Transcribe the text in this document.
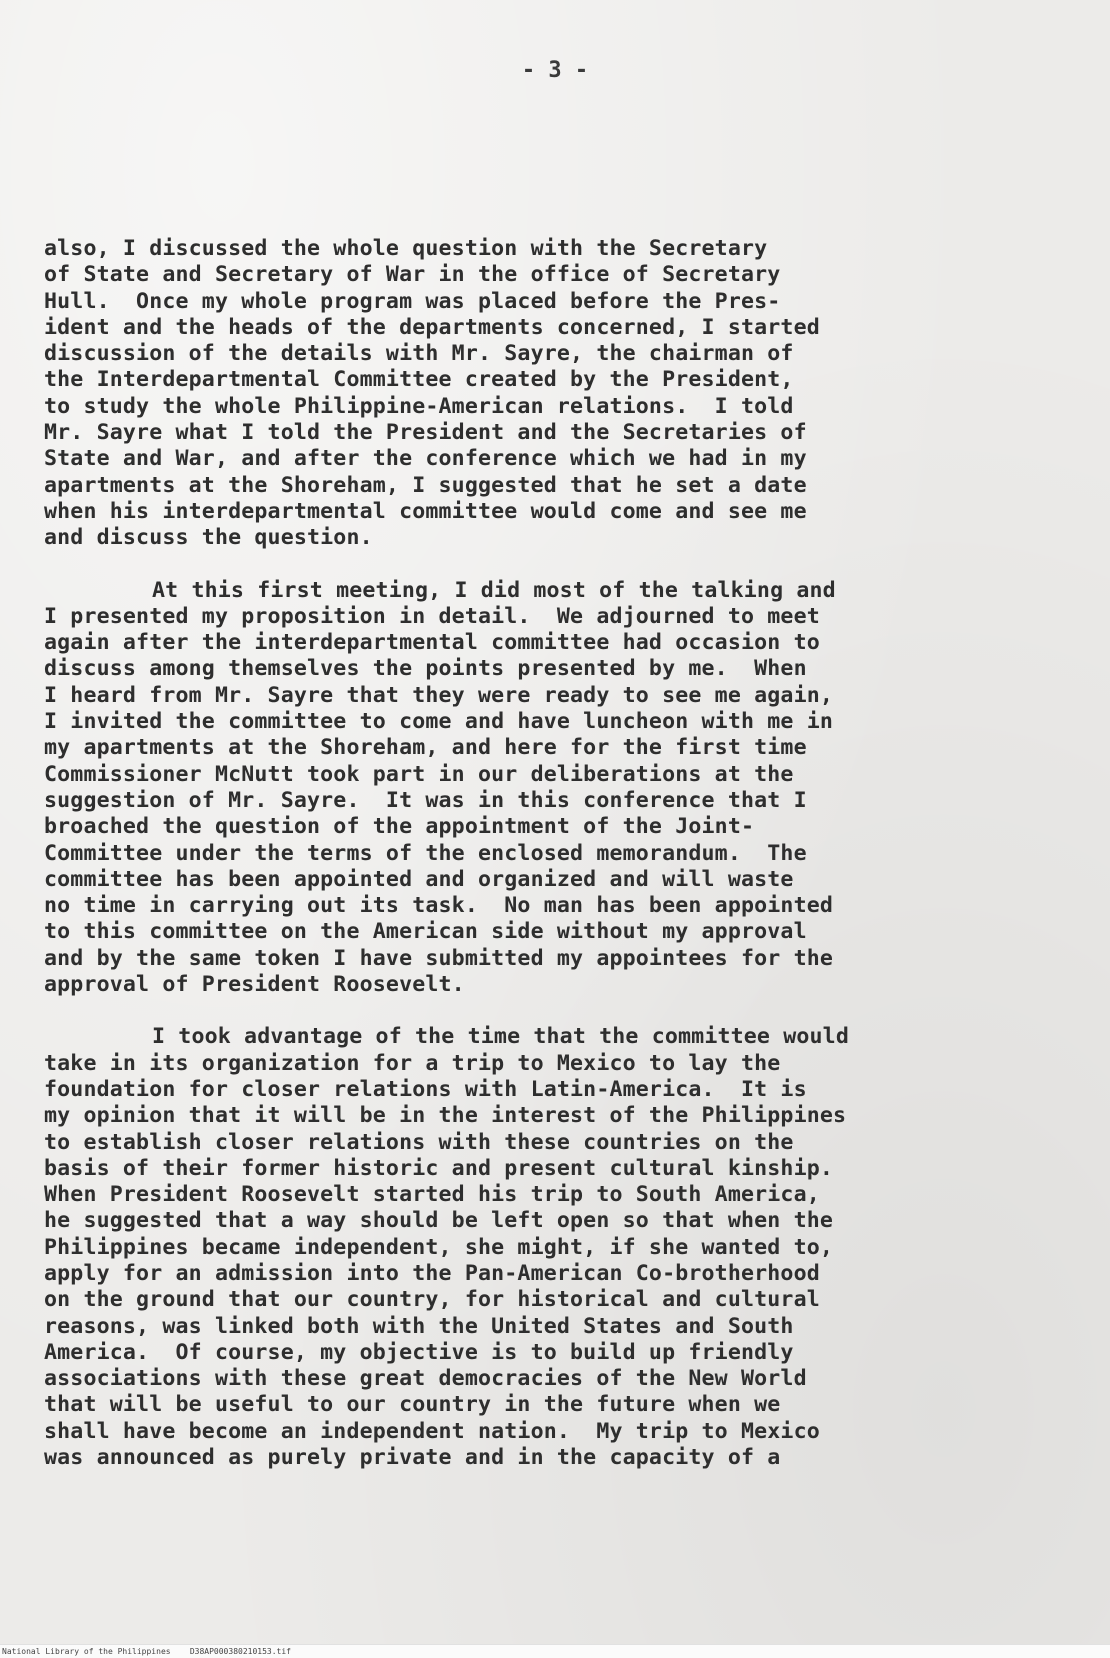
- 3 -
also, I discussed the whole question with the Secretary
of State and Secretary of War in the office of Secretary
Hull.  Once my whole program was placed before the Pres-
ident and the heads of the departments concerned, I started
discussion of the details with Mr. Sayre, the chairman of
the Interdepartmental Committee created by the President,
to study the whole Philippine-American relations.  I told
Mr. Sayre what I told the President and the Secretaries of
State and War, and after the conference which we had in my
apartments at the Shoreham, I suggested that he set a date
when his interdepartmental committee would come and see me
and discuss the question.
At this first meeting, I did most of the talking and
I presented my proposition in detail.  We adjourned to meet
again after the interdepartmental committee had occasion to
discuss among themselves the points presented by me.  When
I heard from Mr. Sayre that they were ready to see me again,
I invited the committee to come and have luncheon with me in
my apartments at the Shoreham, and here for the first time
Commissioner McNutt took part in our deliberations at the
suggestion of Mr. Sayre.  It was in this conference that I
broached the question of the appointment of the Joint-
Committee under the terms of the enclosed memorandum.  The
committee has been appointed and organized and will waste
no time in carrying out its task.  No man has been appointed
to this committee on the American side without my approval
and by the same token I have submitted my appointees for the
approval of President Roosevelt.
I took advantage of the time that the committee would
take in its organization for a trip to Mexico to lay the
foundation for closer relations with Latin-America.  It is
my opinion that it will be in the interest of the Philippines
to establish closer relations with these countries on the
basis of their former historic and present cultural kinship.
When President Roosevelt started his trip to South America,
he suggested that a way should be left open so that when the
Philippines became independent, she might, if she wanted to,
apply for an admission into the Pan-American Co-brotherhood
on the ground that our country, for historical and cultural
reasons, was linked both with the United States and South
America.  Of course, my objective is to build up friendly
associations with these great democracies of the New World
that will be useful to our country in the future when we
shall have become an independent nation.  My trip to Mexico
was announced as purely private and in the capacity of a
National Library of the Philippines D38AP000380210153.tif
